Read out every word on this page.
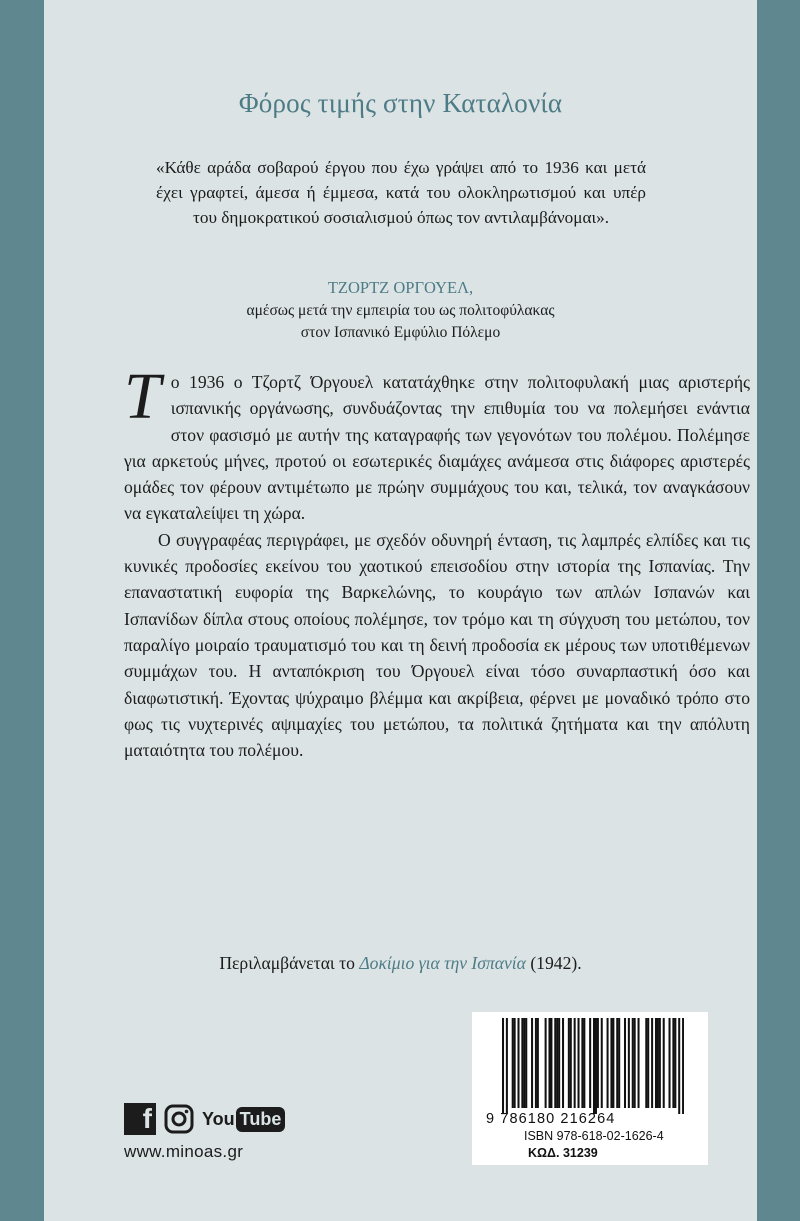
Φόρος τιμής στην Καταλονία
«Κάθε αράδα σοβαρού έργου που έχω γράψει από το 1936 και μετά έχει γραφτεί, άμεσα ή έμμεσα, κατά του ολοκληρωτισμού και υπέρ του δημοκρατικού σοσιαλισμού όπως τον αντιλαμβάνομαι».
ΤΖΟΡΤΖ ΟΡΓΟΥΕΛ,
αμέσως μετά την εμπειρία του ως πολιτοφύλακας
στον Ισπανικό Εμφύλιο Πόλεμο

Το 1936 ο Τζορτζ Όργουελ κατατάχθηκε στην πολιτοφυλακή μιας αριστερής ισπανικής οργάνωσης, συνδυάζοντας την επιθυμία του να πολεμήσει ενάντια στον φασισμό με αυτήν της καταγραφής των γεγονότων του πολέμου. Πολέμησε για αρκετούς μήνες, προτού οι εσωτερικές διαμάχες ανάμεσα στις διάφορες αριστερές ομάδες τον φέρουν αντιμέτωπο με πρώην συμμάχους του και, τελικά, τον αναγκάσουν να εγκαταλείψει τη χώρα.

Ο συγγραφέας περιγράφει, με σχεδόν οδυνηρή ένταση, τις λαμπρές ελπίδες και τις κυνικές προδοσίες εκείνου του χαοτικού επεισοδίου στην ιστορία της Ισπανίας. Την επαναστατική ευφορία της Βαρκελώνης, το κουράγιο των απλών Ισπανών και Ισπανίδων δίπλα στους οποίους πολέμησε, τον τρόμο και τη σύγχυση του μετώπου, τον παραλίγο μοιραίο τραυματισμό του και τη δεινή προδοσία εκ μέρους των υποτιθέμενων συμμάχων του. Η ανταπόκριση του Όργουελ είναι τόσο συναρπαστική όσο και διαφωτιστική. Έχοντας ψύχραιμο βλέμμα και ακρίβεια, φέρνει με μοναδικό τρόπο στο φως τις νυχτερινές αψιμαχίες του μετώπου, τα πολιτικά ζητήματα και την απόλυτη ματαιότητα του πολέμου.

Περιλαμβάνεται το Δοκίμιο για την Ισπανία (1942).
f	You Tube
www.minoas.gr
9 786180 216264
ISBN 978-618-02-1626-4
ΚΩΔ. 31239
